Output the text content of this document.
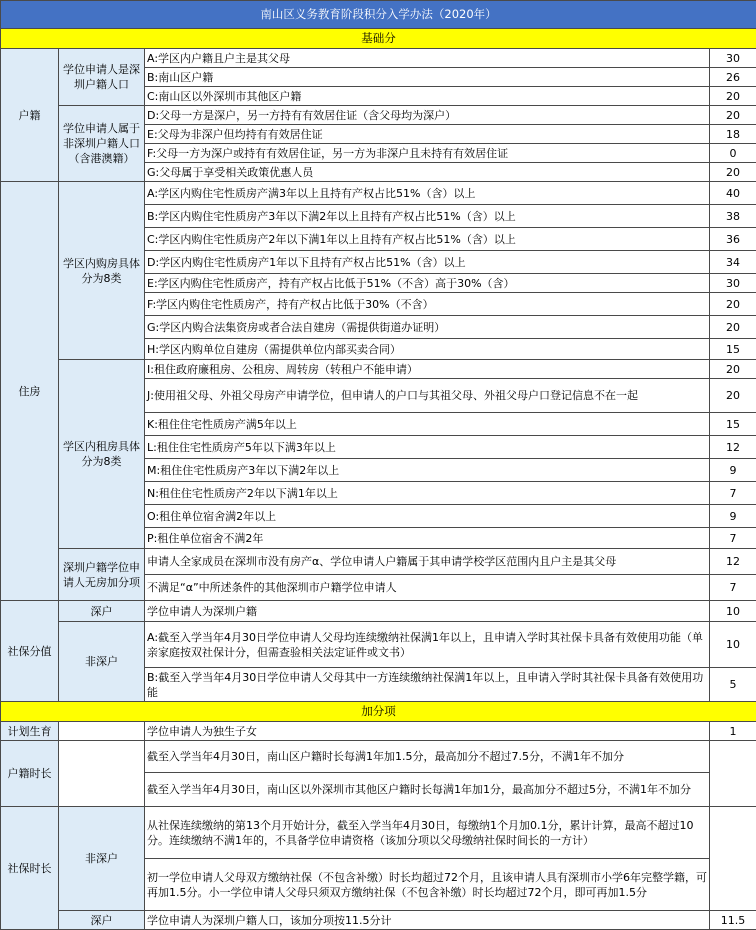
南山区义务教育阶段积分入学办法（2020年）			
基础分			
户籍	学位申请人是深圳户籍人口	A:学区内户籍且户主是其父母	30
		B:南山区户籍	26
		C:南山区以外深圳市其他区户籍	20
	学位申请人属于非深圳户籍人口（含港澳籍）	D:父母一方是深户，另一方持有有效居住证（含父母均为深户）	20
		E:父母为非深户但均持有有效居住证	18
		F:父母一方为深户或持有有效居住证，另一方为非深户且未持有有效居住证	0
		G:父母属于享受相关政策优惠人员	20
住房	学区内购房具体分为8类	A:学区内购住宅性质房产满3年以上且持有产权占比51%（含）以上	40
		B:学区内购住宅性质房产3年以下满2年以上且持有产权占比51%（含）以上	38
		C:学区内购住宅性质房产2年以下满1年以上且持有产权占比51%（含）以上	36
		D:学区内购住宅性质房产1年以下且持有产权占比51%（含）以上	34
		E:学区内购住宅性质房产，持有产权占比低于51%（不含）高于30%（含）	30
		F:学区内购住宅性质房产，持有产权占比低于30%（不含）	20
		G:学区内购合法集资房或者合法自建房（需提供街道办证明）	20
		H:学区内购单位自建房（需提供单位内部买卖合同）	15
	学区内租房具体分为8类	I:租住政府廉租房、公租房、周转房（转租户不能申请）	20
		J:使用祖父母、外祖父母房产申请学位，但申请人的户口与其祖父母、外祖父母户口登记信息不在一起	20
		K:租住住宅性质房产满5年以上	15
		L:租住住宅性质房产5年以下满3年以上	12
		M:租住住宅性质房产3年以下满2年以上	9
		N:租住住宅性质房产2年以下满1年以上	7
		O:租住单位宿舍满2年以上	9
		P:租住单位宿舍不满2年	7
	深圳户籍学位申请人无房加分项	申请人全家成员在深圳市没有房产α、学位申请人户籍属于其申请学校学区范围内且户主是其父母	12
		不满足“α”中所述条件的其他深圳市户籍学位申请人	7
社保分值	深户	学位申请人为深圳户籍	10
	非深户	A:截至入学当年4月30日学位申请人父母均连续缴纳社保满1年以上，且申请入学时其社保卡具备有效使用功能（单亲家庭按双社保计分，但需查验相关法定证件或文书）	10
		B:截至入学当年4月30日学位申请人父母其中一方连续缴纳社保满1年以上，且申请入学时其社保卡具备有效使用功能	5
加分项			
计划生育		学位申请人为独生子女	1
户籍时长		截至入学当年4月30日，南山区户籍时长每满1年加1.5分，最高加分不超过7.5分，不满1年不加分	
		截至入学当年4月30日，南山区以外深圳市其他区户籍时长每满1年加1分，最高加分不超过5分，不满1年不加分	
社保时长	非深户	从社保连续缴纳的第13个月开始计分，截至入学当年4月30日，每缴纳1个月加0.1分，累计计算，最高不超过10分。连续缴纳不满1年的，不具备学位申请资格（该加分项以父母缴纳社保时间长的一方计）	
		初一学位申请人父母双方缴纳社保（不包含补缴）时长均超过72个月，且该申请人具有深圳市小学6年完整学籍，可再加1.5分。小一学位申请人父母只须双方缴纳社保（不包含补缴）时长均超过72个月，即可再加1.5分	
	深户	学位申请人为深圳户籍人口，该加分项按11.5分计	11.5
